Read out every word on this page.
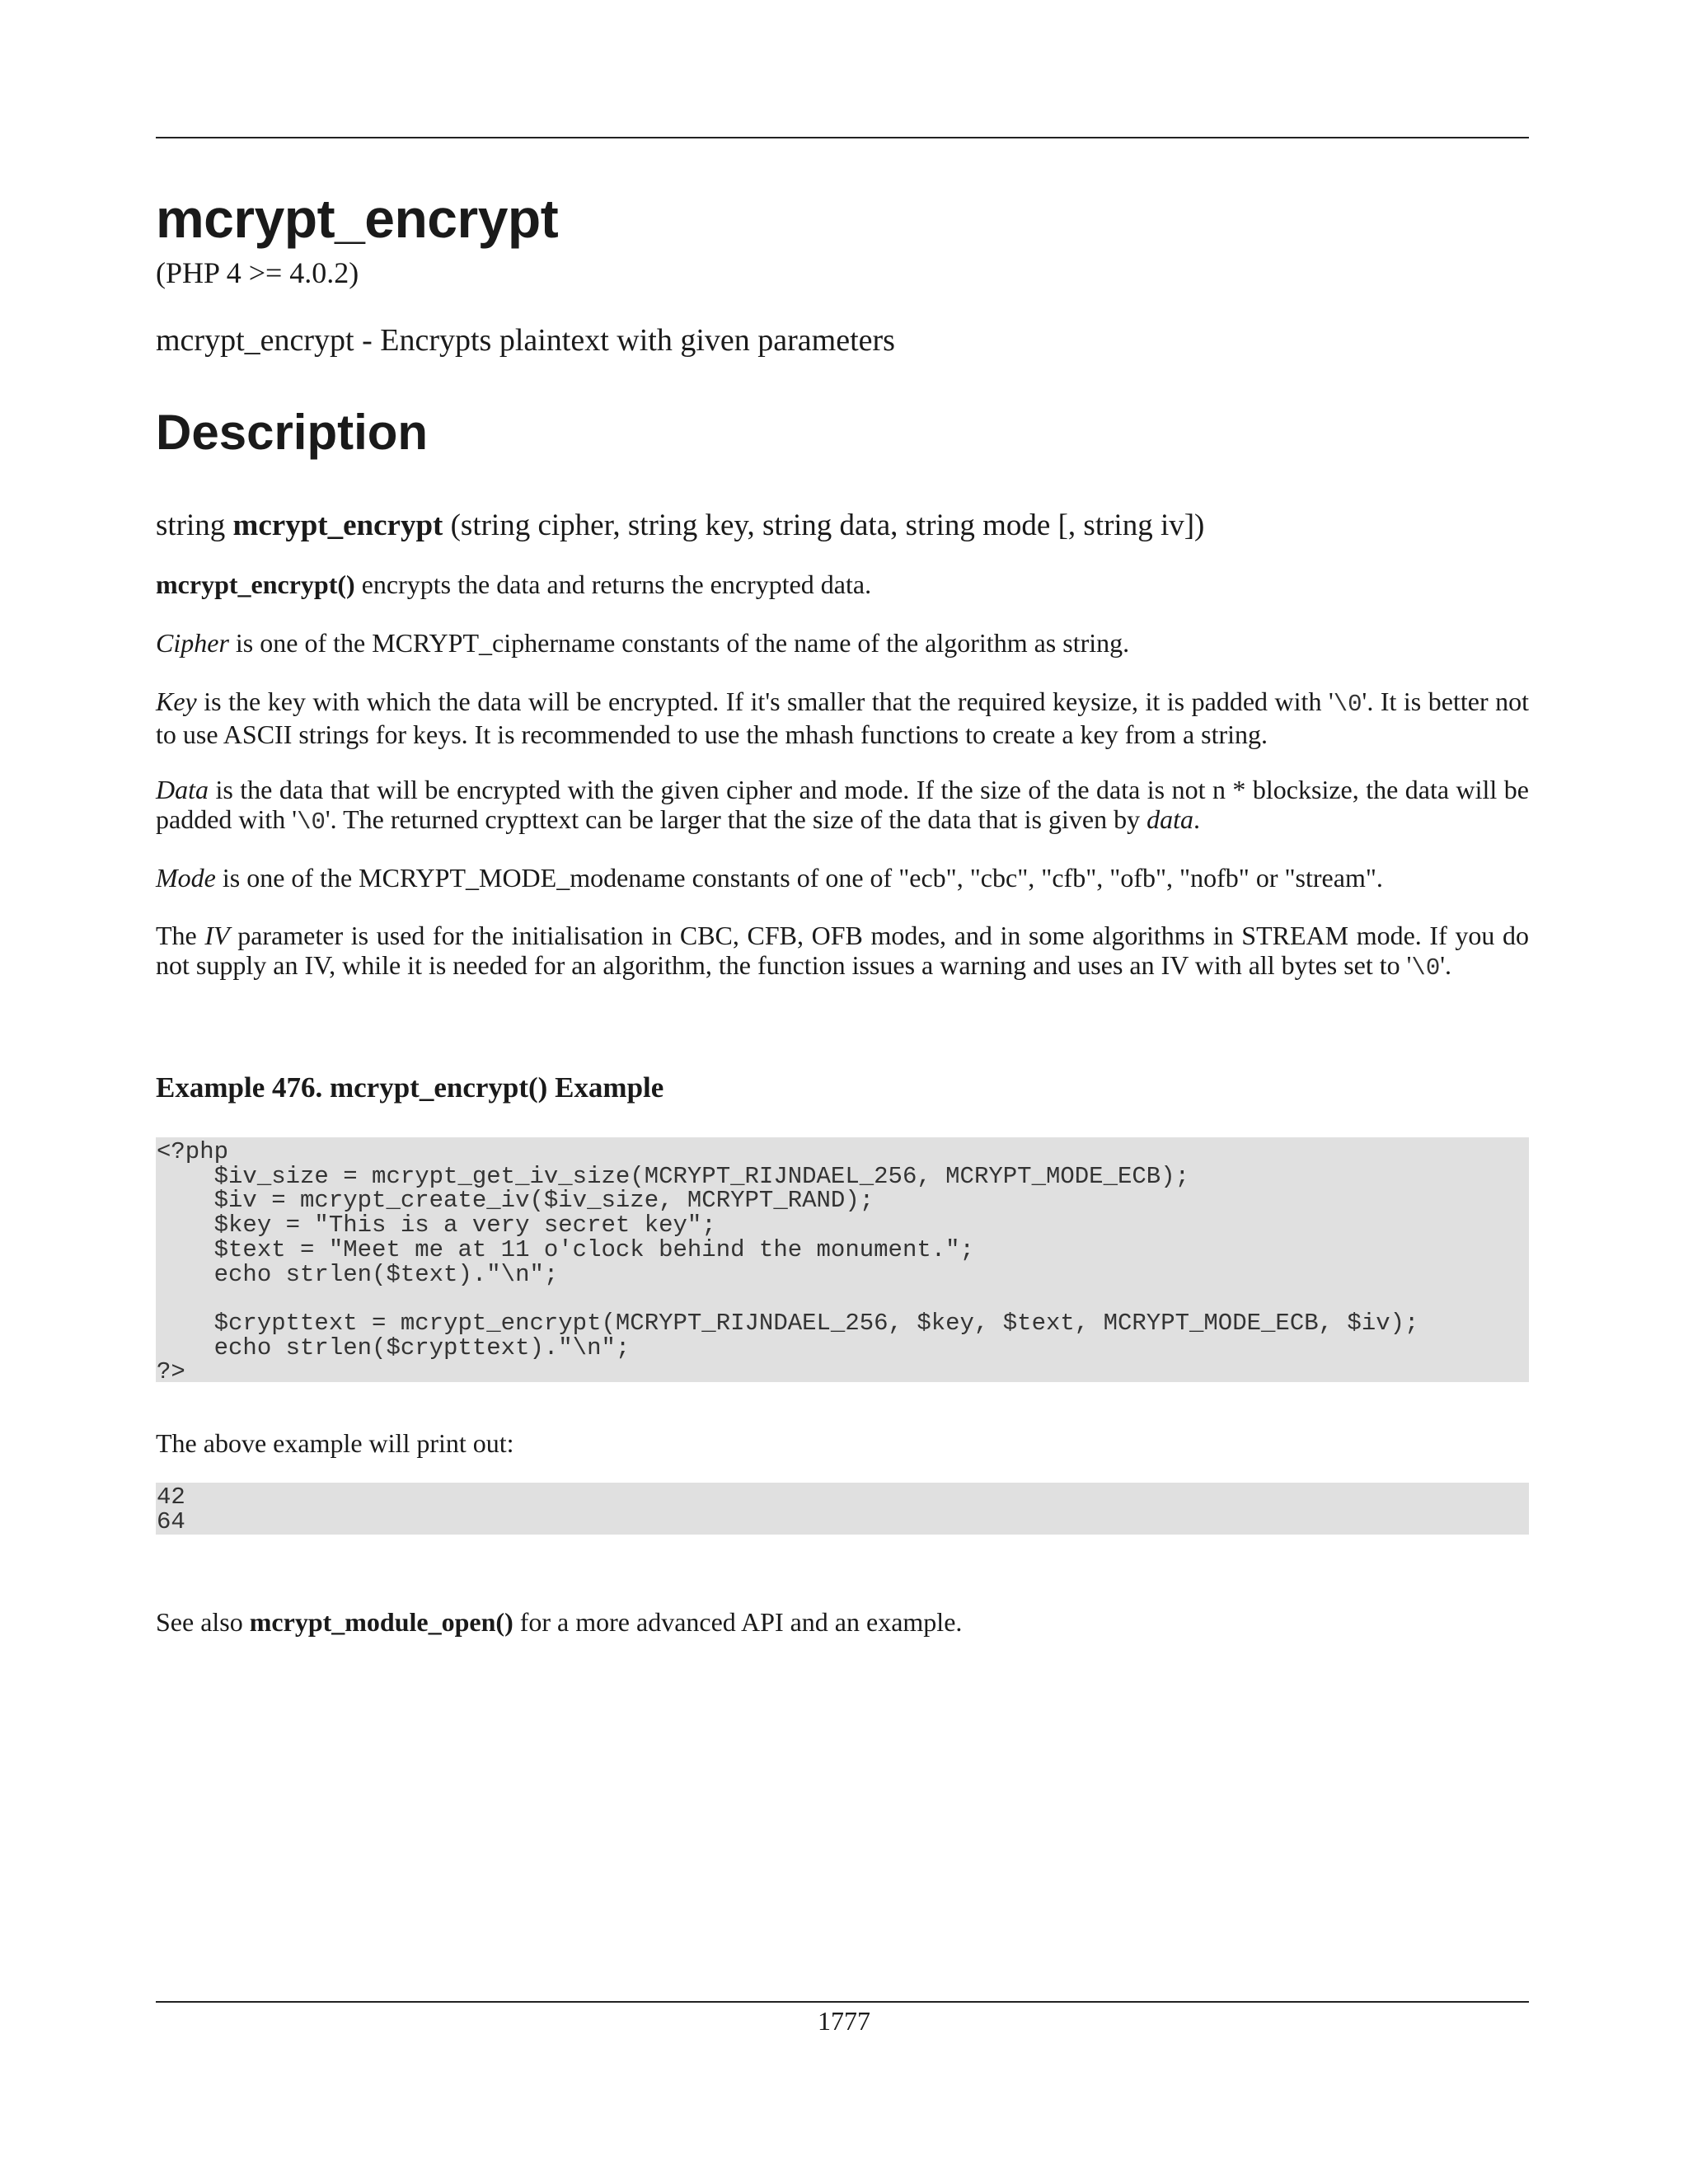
mcrypt_encrypt
(PHP 4 >= 4.0.2)
mcrypt_encrypt - Encrypts plaintext with given parameters
Description
string mcrypt_encrypt (string cipher, string key, string data, string mode [, string iv])
mcrypt_encrypt() encrypts the data and returns the encrypted data.
Cipher is one of the MCRYPT_ciphername constants of the name of the algorithm as string.
Key is the key with which the data will be encrypted. If it's smaller that the required keysize, it is padded with '\0'. It is better not to use ASCII strings for keys. It is recommended to use the mhash functions to create a key from a string.
Data is the data that will be encrypted with the given cipher and mode. If the size of the data is not n * blocksize, the data will be padded with '\0'. The returned crypttext can be larger that the size of the data that is given by data.
Mode is one of the MCRYPT_MODE_modename constants of one of "ecb", "cbc", "cfb", "ofb", "nofb" or "stream".
The IV parameter is used for the initialisation in CBC, CFB, OFB modes, and in some algorithms in STREAM mode. If you do not supply an IV, while it is needed for an algorithm, the function issues a warning and uses an IV with all bytes set to '\0'.
Example 476. mcrypt_encrypt() Example
<?php
$iv_size = mcrypt_get_iv_size(MCRYPT_RIJNDAEL_256, MCRYPT_MODE_ECB);
$iv = mcrypt_create_iv($iv_size, MCRYPT_RAND);
$key = "This is a very secret key";
$text = "Meet me at 11 o'clock behind the monument.";
echo strlen($text)."\n";

$crypttext = mcrypt_encrypt(MCRYPT_RIJNDAEL_256, $key, $text, MCRYPT_MODE_ECB, $iv);
echo strlen($crypttext)."\n";
?>
The above example will print out:
42
64
See also mcrypt_module_open() for a more advanced API and an example.
1777
